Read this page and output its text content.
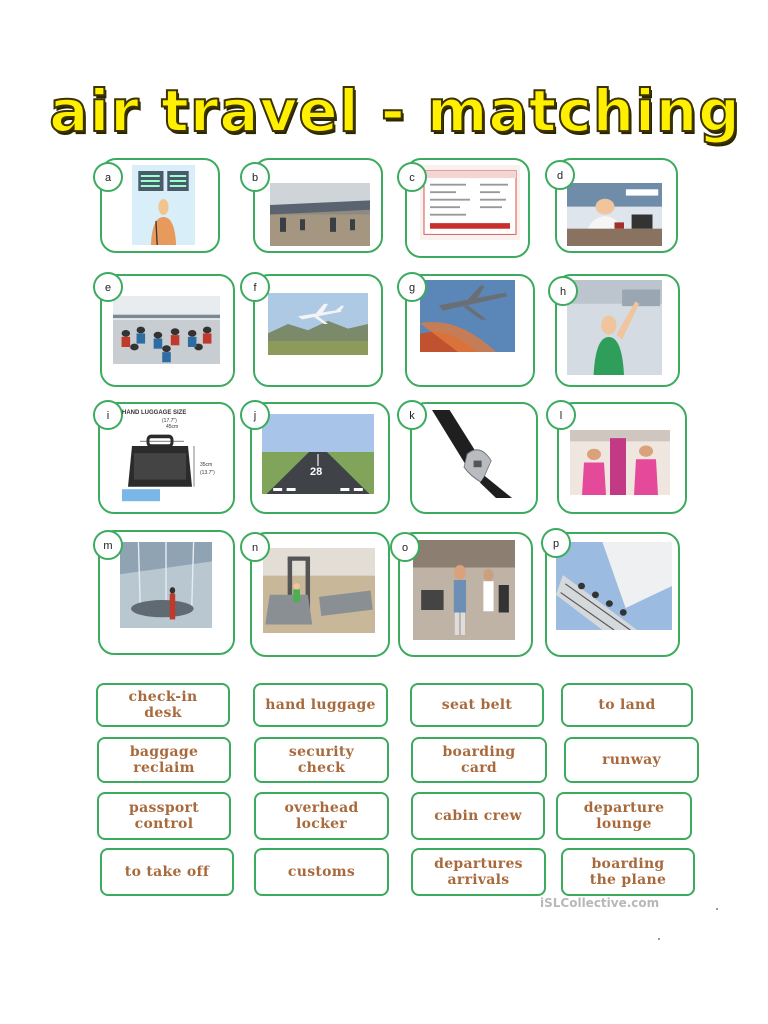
air travel - matching
a	b	c	d
e	f	g	h
i	j	k	l
m	n	o	p
HAND LUGGAGE SIZE
(17.7")
45cm
35cm
(13.7")	28
check-in
desk	hand luggage	seat belt	to land
baggage
reclaim
security
check
boarding
card	runway
passport
control
overhead
locker	cabin crew	departure
lounge
to take off	customs	departures
arrivals
boarding
the plane
iSLCollective.com
